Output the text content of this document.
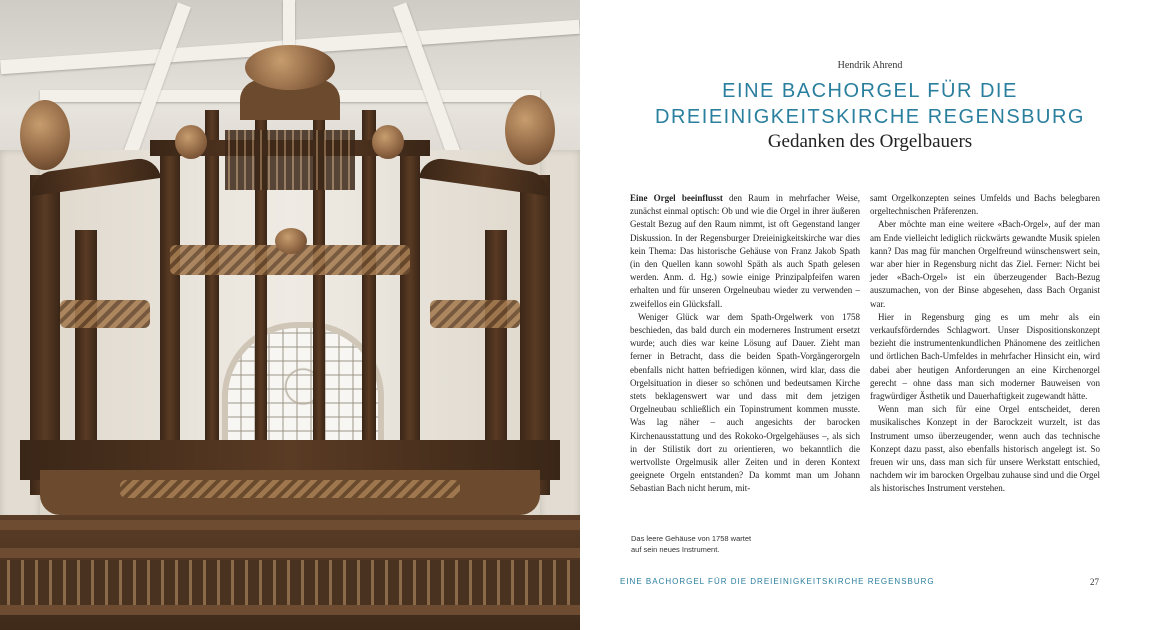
Hendrik Ahrend
EINE BACHORGEL FÜR DIE
DREIEINIGKEITSKIRCHE REGENSBURG
Gedanken des Orgelbauers

Eine Orgel beeinflusst den Raum in mehrfacher Weise, zunächst einmal optisch: Ob und wie die Orgel in ihrer äußeren Gestalt Bezug auf den Raum nimmt, ist oft Gegenstand langer Diskussion. In der Regensburger Dreieinigkeitskirche war dies kein Thema: Das historische Gehäuse von Franz Jakob Spath (in den Quellen kann sowohl Späth als auch Spath gelesen werden. Anm. d. Hg.) sowie einige Prinzipalpfeifen waren erhalten und für unseren Orgelneubau wieder zu verwenden – zweifellos ein Glücksfall.

Weniger Glück war dem Spath-Orgelwerk von 1758 beschieden, das bald durch ein moderneres Instrument ersetzt wurde; auch dies war keine Lösung auf Dauer. Zieht man ferner in Betracht, dass die beiden Spath-Vorgängerorgeln ebenfalls nicht hatten befriedigen können, wird klar, dass die Orgelsituation in dieser so schönen und bedeutsamen Kirche stets beklagenswert war und dass mit dem jetzigen Orgelneubau schließlich ein Topinstrument kommen musste. Was lag näher – auch angesichts der barocken Kirchenausstattung und des Rokoko-Orgelgehäuses –, als sich in der Stilistik dort zu orientieren, wo bekanntlich die wertvollste Orgelmusik aller Zeiten und in deren Kontext geeignete Orgeln entstanden? Da kommt man um Johann Sebastian Bach nicht herum, mit-

samt Orgelkonzepten seines Umfelds und Bachs belegbaren orgeltechnischen Präferenzen.

Aber möchte man eine weitere «Bach-Orgel», auf der man am Ende vielleicht lediglich rückwärts gewandte Musik spielen kann? Das mag für manchen Orgelfreund wünschenswert sein, war aber hier in Regensburg nicht das Ziel. Ferner: Nicht bei jeder «Bach-Orgel» ist ein überzeugender Bach-Bezug auszumachen, von der Binse abgesehen, dass Bach Organist war.

Hier in Regensburg ging es um mehr als ein verkaufsförderndes Schlagwort. Unser Dispositionskonzept bezieht die instrumentenkundlichen Phänomene des zeitlichen und örtlichen Bach-Umfeldes in mehrfacher Hinsicht ein, wird dabei aber heutigen Anforderungen an eine Kirchenorgel gerecht – ohne dass man sich moderner Bauweisen von fragwürdiger Ästhetik und Dauerhaftigkeit zugewandt hätte.

Wenn man sich für eine Orgel entscheidet, deren musikalisches Konzept in der Barockzeit wurzelt, ist das Instrument umso überzeugender, wenn auch das technische Konzept dazu passt, also ebenfalls historisch angelegt ist. So freuen wir uns, dass man sich für unsere Werkstatt entschied, nachdem wir im barocken Orgelbau zuhause sind und die Orgel als historisches Instrument verstehen.

Das leere Gehäuse von 1758 wartet
auf sein neues Instrument.
EINE BACHORGEL FÜR DIE DREIEINIGKEITSKIRCHE REGENSBURG	27
